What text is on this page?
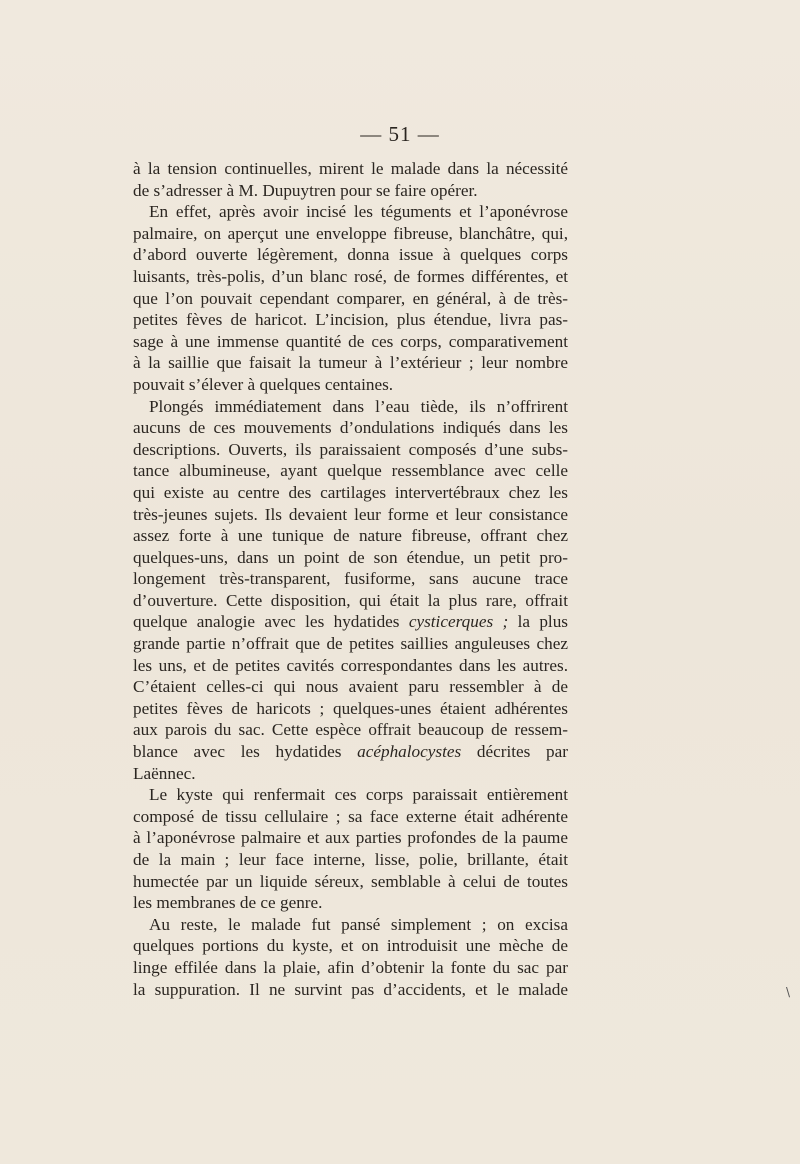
— 51 —
à la tension continuelles, mirent le malade dans la nécessité
de s’adresser à M. Dupuytren pour se faire opérer.
En effet, après avoir incisé les téguments et l’aponévrose
palmaire, on aperçut une enveloppe fibreuse, blanchâtre, qui,
d’abord ouverte légèrement, donna issue à quelques corps
luisants, très-polis, d’un blanc rosé, de formes différentes, et
que l’on pouvait cependant comparer, en général, à de très-
petites fèves de haricot. L’incision, plus étendue, livra pas-
sage à une immense quantité de ces corps, comparativement
à la saillie que faisait la tumeur à l’extérieur ; leur nombre
pouvait s’élever à quelques centaines.
Plongés immédiatement dans l’eau tiède, ils n’offrirent
aucuns de ces mouvements d’ondulations indiqués dans les
descriptions. Ouverts, ils paraissaient composés d’une subs-
tance albumineuse, ayant quelque ressemblance avec celle
qui existe au centre des cartilages intervertébraux chez les
très-jeunes sujets. Ils devaient leur forme et leur consistance
assez forte à une tunique de nature fibreuse, offrant chez
quelques-uns, dans un point de son étendue, un petit pro-
longement très-transparent, fusiforme, sans aucune trace
d’ouverture. Cette disposition, qui était la plus rare, offrait
quelque analogie avec les hydatides cysticerques ; la plus
grande partie n’offrait que de petites saillies anguleuses chez
les uns, et de petites cavités correspondantes dans les autres.
C’étaient celles-ci qui nous avaient paru ressembler à de
petites fèves de haricots ; quelques-unes étaient adhérentes
aux parois du sac. Cette espèce offrait beaucoup de ressem-
blance avec les hydatides acéphalocystes décrites par
Laënnec.
Le kyste qui renfermait ces corps paraissait entièrement
composé de tissu cellulaire ; sa face externe était adhérente
à l’aponévrose palmaire et aux parties profondes de la paume
de la main ; leur face interne, lisse, polie, brillante, était
humectée par un liquide séreux, semblable à celui de toutes
les membranes de ce genre.
Au reste, le malade fut pansé simplement ; on excisa
quelques portions du kyste, et on introduisit une mèche de
linge effilée dans la plaie, afin d’obtenir la fonte du sac par
la suppuration. Il ne survint pas d’accidents, et le malade	\
